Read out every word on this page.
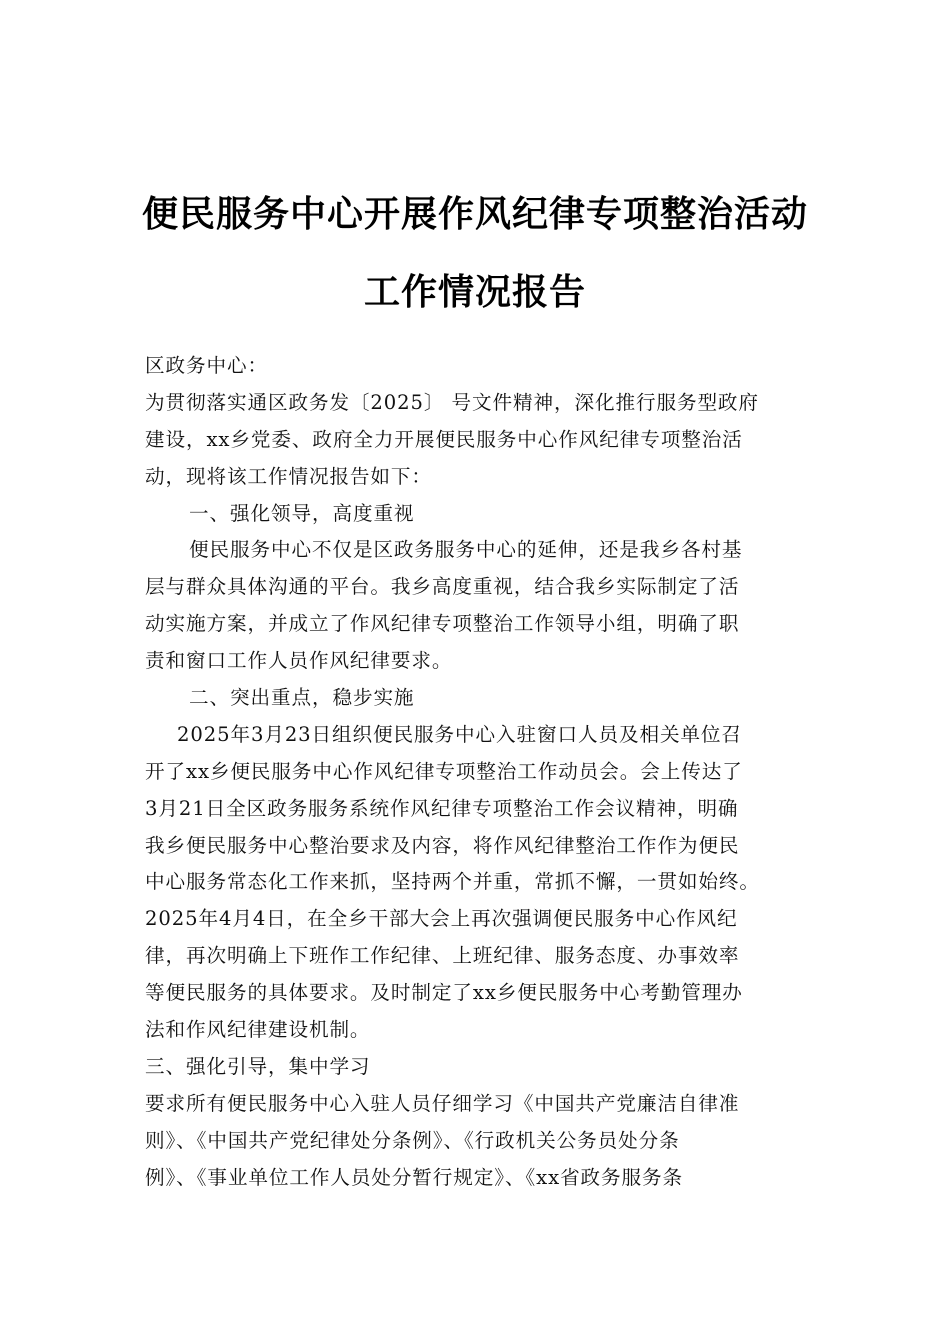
便民服务中心开展作风纪律专项整治活动
工作情况报告
区政务中心：
为贯彻落实通区政务发〔2025〕 号文件精神，深化推行服务型政府
建设，xx乡党委、政府全力开展便民服务中心作风纪律专项整治活
动，现将该工作情况报告如下：
一、强化领导，高度重视
便民服务中心不仅是区政务服务中心的延伸，还是我乡各村基
层与群众具体沟通的平台。我乡高度重视，结合我乡实际制定了活
动实施方案，并成立了作风纪律专项整治工作领导小组，明确了职
责和窗口工作人员作风纪律要求。
二、突出重点，稳步实施
2025年3月23日组织便民服务中心入驻窗口人员及相关单位召
开了xx乡便民服务中心作风纪律专项整治工作动员会。会上传达了
3月21日全区政务服务系统作风纪律专项整治工作会议精神，明确
我乡便民服务中心整治要求及内容，将作风纪律整治工作作为便民
中心服务常态化工作来抓，坚持两个并重，常抓不懈，一贯如始终。
2025年4月4日，在全乡干部大会上再次强调便民服务中心作风纪
律，再次明确上下班作工作纪律、上班纪律、服务态度、办事效率
等便民服务的具体要求。及时制定了xx乡便民服务中心考勤管理办
法和作风纪律建设机制。
三、强化引导，集中学习
要求所有便民服务中心入驻人员仔细学习《中国共产党廉洁自律准
则》、《中国共产党纪律处分条例》、《行政机关公务员处分条
例》、《事业单位工作人员处分暂行规定》、《xx省政务服务条
